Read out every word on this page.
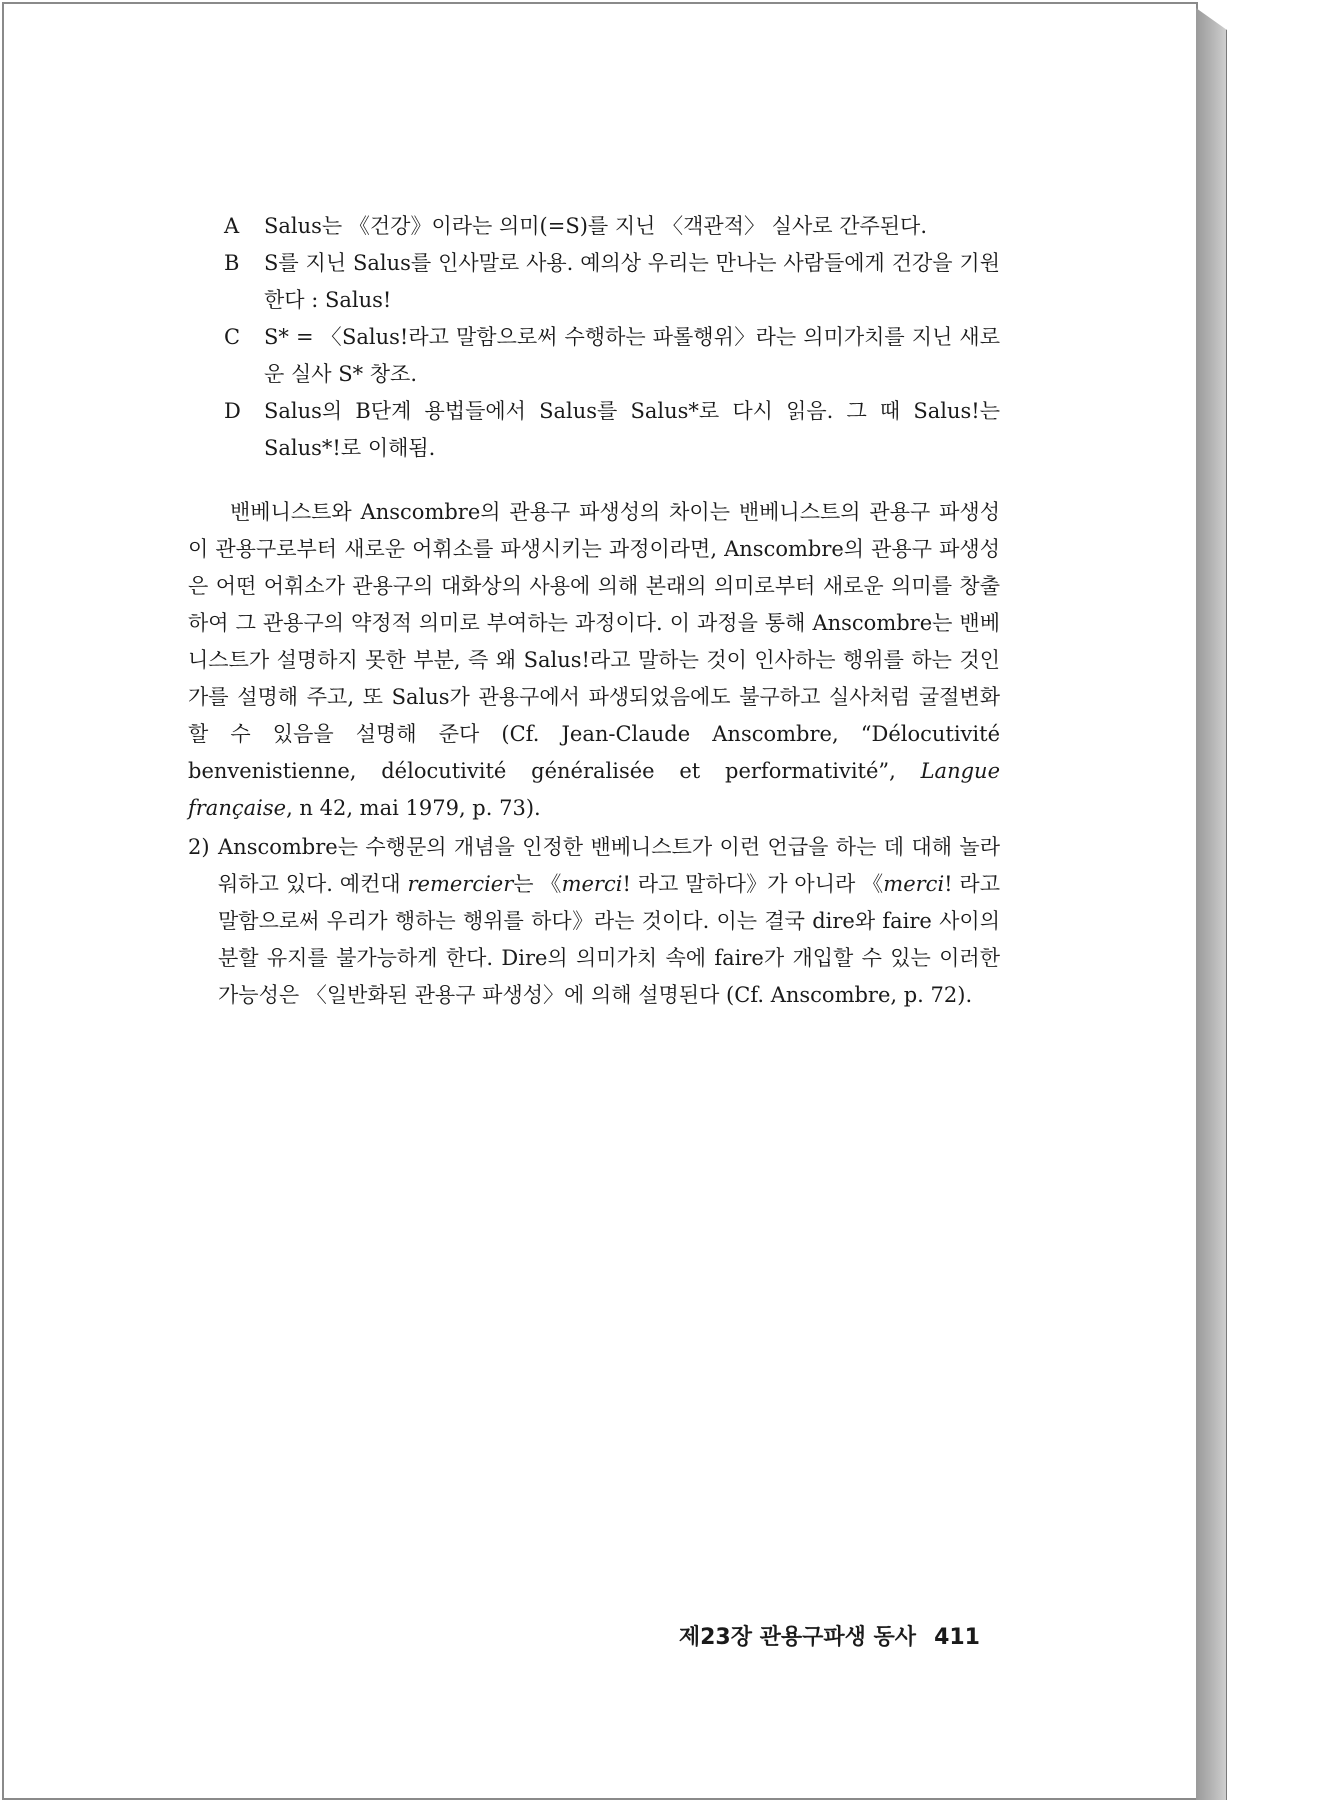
A	Salus는 《건강》이라는 의미(=S)를 지닌 〈객관적〉 실사로 간주된다.
B	S를 지닌 Salus를 인사말로 사용. 예의상 우리는 만나는 사람들에게 건강을 기원한다 : Salus!
C	S* = 〈Salus!라고 말함으로써 수행하는 파롤행위〉라는 의미가치를 지닌 새로운 실사 S* 창조.
D	Salus의 B단계 용법들에서 Salus를 Salus*로 다시 읽음. 그 때 Salus!는 Salus*!로 이해됨.

밴베니스트와 Anscombre의 관용구 파생성의 차이는 밴베니스트의 관용구 파생성이 관용구로부터 새로운 어휘소를 파생시키는 과정이라면, Anscombre의 관용구 파생성은 어떤 어휘소가 관용구의 대화상의 사용에 의해 본래의 의미로부터 새로운 의미를 창출하여 그 관용구의 약정적 의미로 부여하는 과정이다. 이 과정을 통해 Anscombre는 밴베니스트가 설명하지 못한 부분, 즉 왜 Salus!라고 말하는 것이 인사하는 행위를 하는 것인가를 설명해 주고, 또 Salus가 관용구에서 파생되었음에도 불구하고 실사처럼 굴절변화할 수 있음을 설명해 준다 (Cf. Jean-Claude Anscombre, “Délocutivité benvenistienne, délocutivité généralisée et performativité”, Langue française, n 42, mai 1979, p. 73).

2) Anscombre는 수행문의 개념을 인정한 밴베니스트가 이런 언급을 하는 데 대해 놀라워하고 있다. 예컨대 remercier는 《merci! 라고 말하다》가 아니라 《merci! 라고 말함으로써 우리가 행하는 행위를 하다》라는 것이다. 이는 결국 dire와 faire 사이의 분할 유지를 불가능하게 한다. Dire의 의미가치 속에 faire가 개입할 수 있는 이러한 가능성은 〈일반화된 관용구 파생성〉에 의해 설명된다 (Cf. Anscombre, p. 72).
제23장 관용구파생 동사 411
